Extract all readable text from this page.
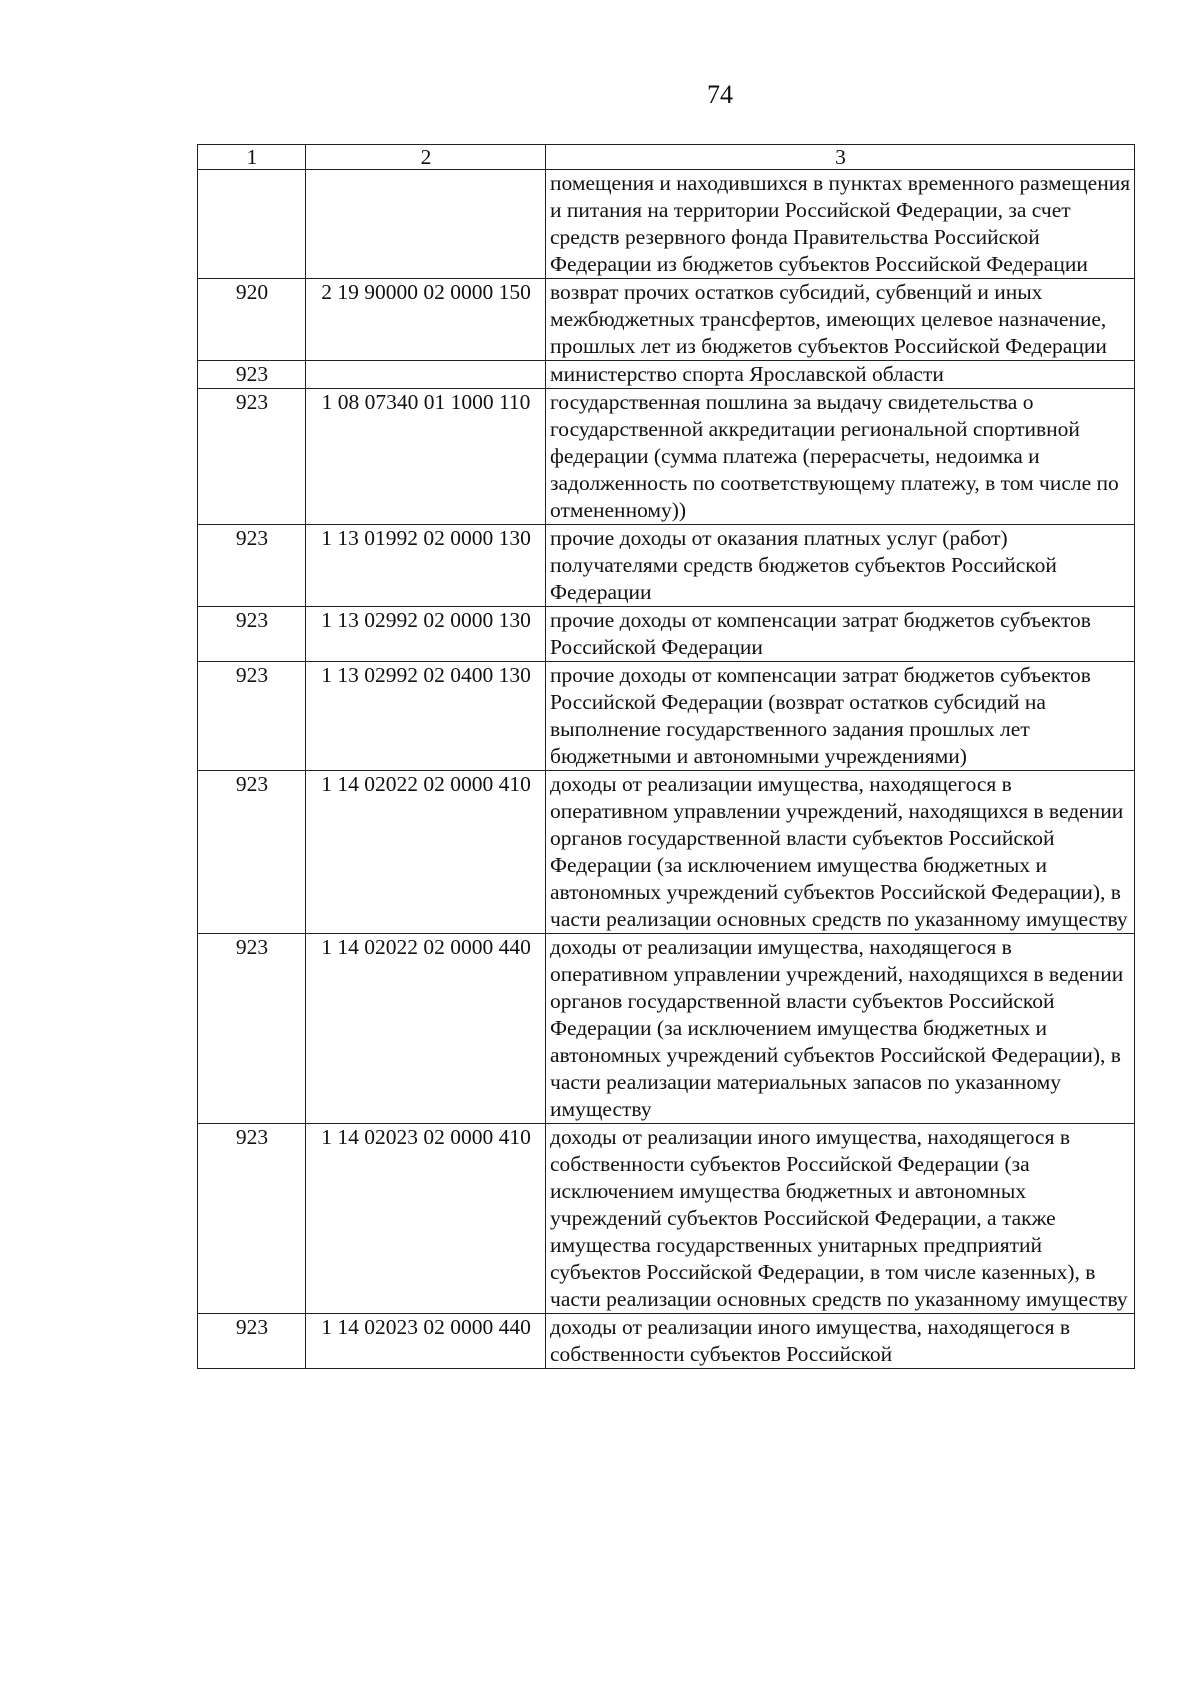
74
1	2	3
		помещения и находившихся в пунктах временного размещения и питания на территории Российской Федерации, за счет средств резервного фонда Правительства Российской Федерации из бюджетов субъектов Российской Федерации
920	2 19 90000 02 0000 150	возврат прочих остатков субсидий, субвенций и иных межбюджетных трансфертов, имеющих целевое назначение, прошлых лет из бюджетов субъектов Российской Федерации
923		министерство спорта Ярославской области
923	1 08 07340 01 1000 110	государственная пошлина за выдачу свидетельства о государственной аккредитации региональной спортивной федерации (сумма платежа (перерасчеты, недоимка и задолженность по соответствующему платежу, в том числе по отмененному))
923	1 13 01992 02 0000 130	прочие доходы от оказания платных услуг (работ) получателями средств бюджетов субъектов Российской Федерации
923	1 13 02992 02 0000 130	прочие доходы от компенсации затрат бюджетов субъектов Российской Федерации
923	1 13 02992 02 0400 130	прочие доходы от компенсации затрат бюджетов субъектов Российской Федерации (возврат остатков субсидий на выполнение государственного задания прошлых лет бюджетными и автономными учреждениями)
923	1 14 02022 02 0000 410	доходы от реализации имущества, находящегося в оперативном управлении учреждений, находящихся в ведении органов государственной власти субъектов Российской Федерации (за исключением имущества бюджетных и автономных учреждений субъектов Российской Федерации), в части реализации основных средств по указанному имуществу
923	1 14 02022 02 0000 440	доходы от реализации имущества, находящегося в оперативном управлении учреждений, находящихся в ведении органов государственной власти субъектов Российской Федерации (за исключением имущества бюджетных и автономных учреждений субъектов Российской Федерации), в части реализации материальных запасов по указанному имуществу
923	1 14 02023 02 0000 410	доходы от реализации иного имущества, находящегося в собственности субъектов Российской Федерации (за исключением имущества бюджетных и автономных учреждений субъектов Российской Федерации, а также имущества государственных унитарных предприятий субъектов Российской Федерации, в том числе казенных), в части реализации основных средств по указанному имуществу
923	1 14 02023 02 0000 440	доходы от реализации иного имущества, находящегося в собственности субъектов Российской
